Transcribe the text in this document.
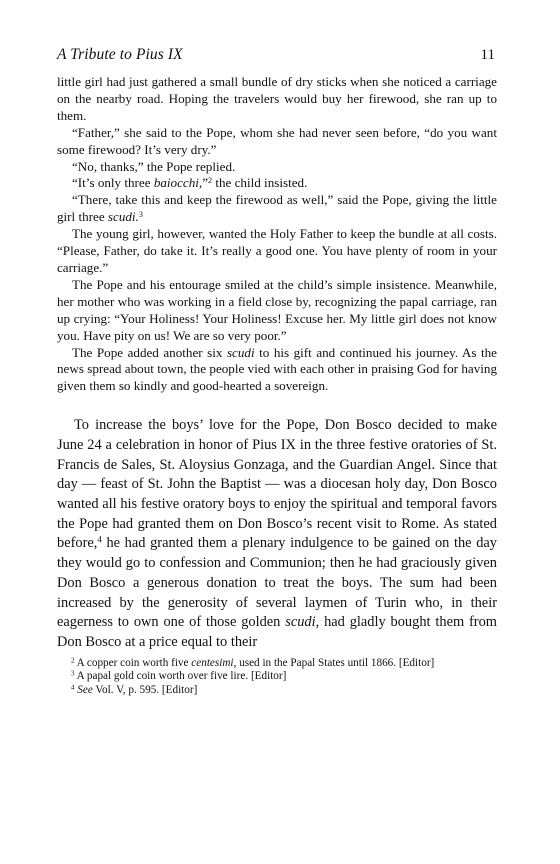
A Tribute to Pius IX	11

little girl had just gathered a small bundle of dry sticks when she noticed a carriage on the nearby road. Hoping the travelers would buy her firewood, she ran up to them.

“Father,” she said to the Pope, whom she had never seen before, “do you want some firewood? It’s very dry.”

“No, thanks,” the Pope replied.

“It’s only three baiocchi,”$^2$ the child insisted.

“There, take this and keep the firewood as well,” said the Pope, giving the little girl three scudi.$^3$

The young girl, however, wanted the Holy Father to keep the bundle at all costs. “Please, Father, do take it. It’s really a good one. You have plenty of room in your carriage.”

The Pope and his entourage smiled at the child’s simple insistence. Meanwhile, her mother who was working in a field close by, recognizing the papal carriage, ran up crying: “Your Holiness! Your Holiness! Excuse her. My little girl does not know you. Have pity on us! We are so very poor.”

The Pope added another six scudi to his gift and continued his journey. As the news spread about town, the people vied with each other in praising God for having given them so kindly and good-hearted a sovereign.

To increase the boys’ love for the Pope, Don Bosco decided to make June 24 a celebration in honor of Pius IX in the three festive oratories of St. Francis de Sales, St. Aloysius Gonzaga, and the Guardian Angel. Since that day — feast of St. John the Baptist — was a diocesan holy day, Don Bosco wanted all his festive oratory boys to enjoy the spiritual and temporal favors the Pope had granted them on Don Bosco’s recent visit to Rome. As stated before,$^4$ he had granted them a plenary indulgence to be gained on the day they would go to confession and Communion; then he had graciously given Don Bosco a generous donation to treat the boys. The sum had been increased by the generosity of several laymen of Turin who, in their eagerness to own one of those golden scudi, had gladly bought them from Don Bosco at a price equal to their

$^2$ A copper coin worth five centesimi, used in the Papal States until 1866. [Editor]

$^3$ A papal gold coin worth over five lire. [Editor]

$^4$ See Vol. V, p. 595. [Editor]
